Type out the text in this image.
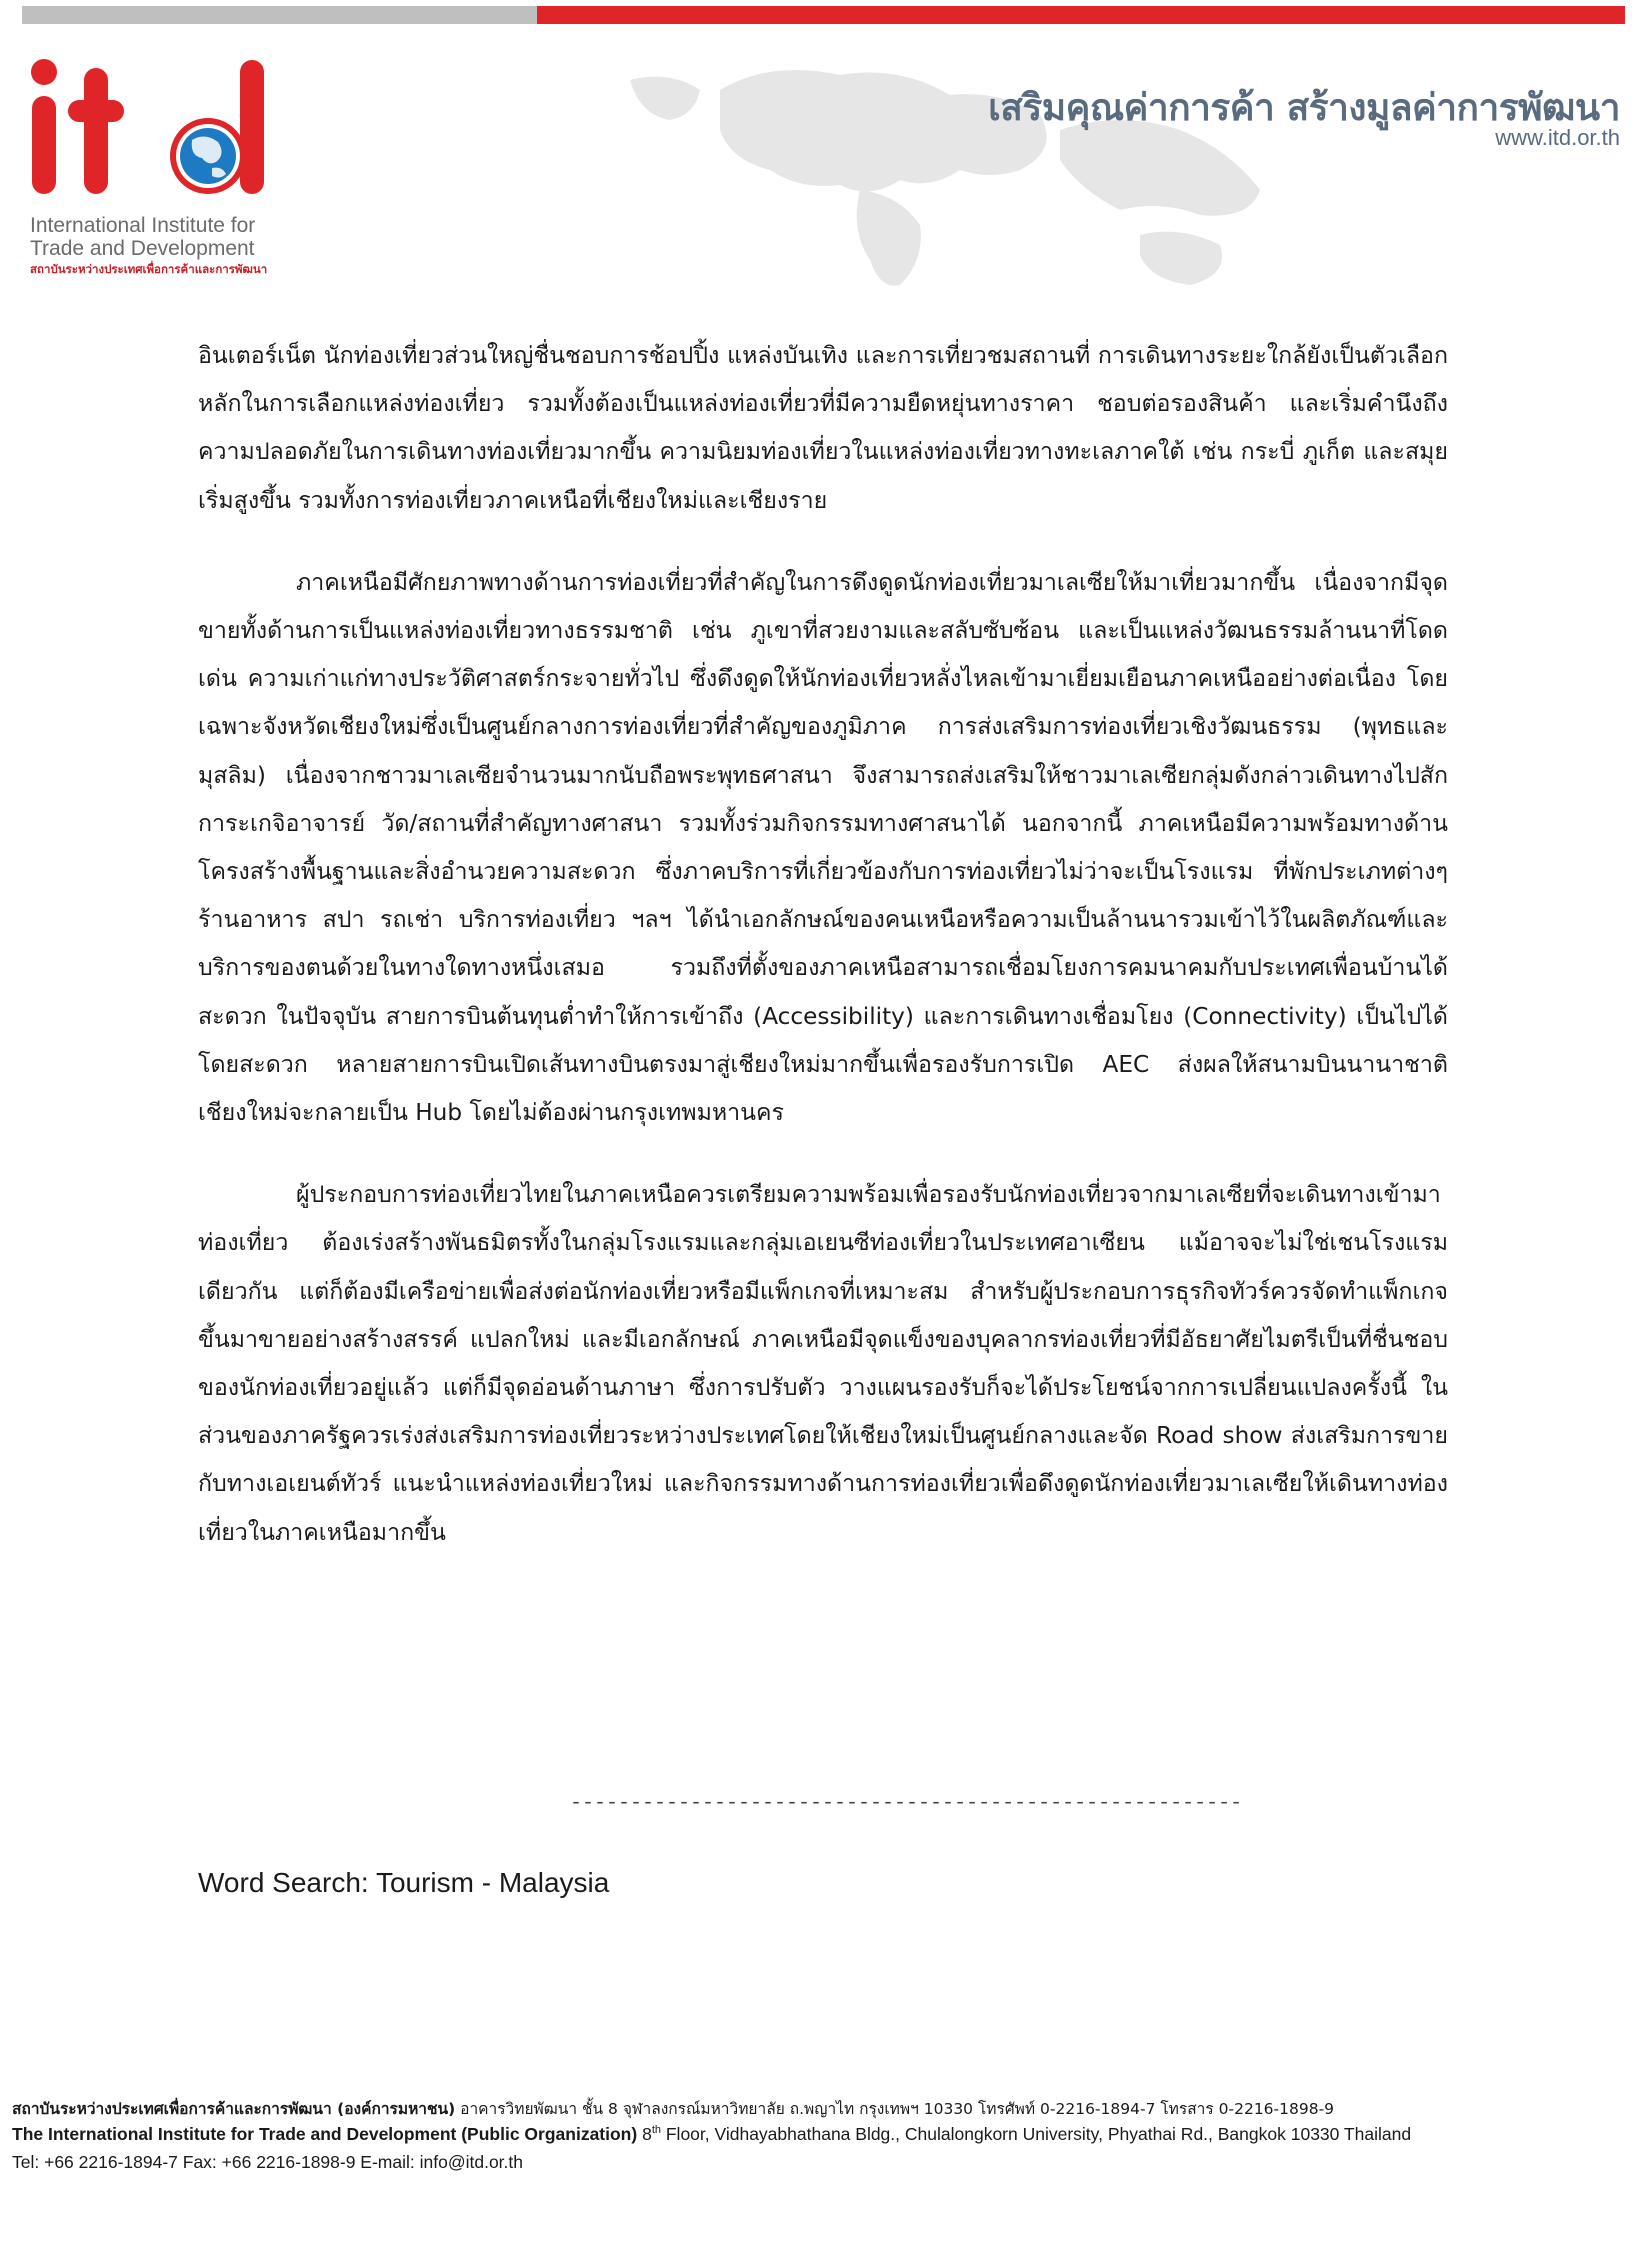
International Institute for
Trade and Development
สถาบันระหว่างประเทศเพื่อการค้าและการพัฒนา
เสริมคุณค่าการค้า สร้างมูลค่าการพัฒนา
www.itd.or.th

อินเตอร์เน็ต นักท่องเที่ยวส่วนใหญ่ชื่นชอบการช้อปปิ้ง แหล่งบันเทิง และการเที่ยวชมสถานที่ การเดินทางระยะใกล้ยังเป็นตัวเลือกหลักในการเลือกแหล่งท่องเที่ยว รวมทั้งต้องเป็นแหล่งท่องเที่ยวที่มีความยืดหยุ่นทางราคา ชอบต่อรองสินค้า และเริ่มคำนึงถึงความปลอดภัยในการเดินทางท่องเที่ยวมากขึ้น ความนิยมท่องเที่ยวในแหล่งท่องเที่ยวทางทะเลภาคใต้ เช่น กระบี่ ภูเก็ต และสมุย เริ่มสูงขึ้น รวมทั้งการท่องเที่ยวภาคเหนือที่เชียงใหม่และเชียงราย

ภาคเหนือมีศักยภาพทางด้านการท่องเที่ยวที่สำคัญในการดึงดูดนักท่องเที่ยวมาเลเซียให้มาเที่ยวมากขึ้น เนื่องจากมีจุดขายทั้งด้านการเป็นแหล่งท่องเที่ยวทางธรรมชาติ เช่น ภูเขาที่สวยงามและสลับซับซ้อน และเป็นแหล่งวัฒนธรรมล้านนาที่โดดเด่น ความเก่าแก่ทางประวัติศาสตร์กระจายทั่วไป ซึ่งดึงดูดให้นักท่องเที่ยวหลั่งไหลเข้ามาเยี่ยมเยือนภาคเหนืออย่างต่อเนื่อง โดยเฉพาะจังหวัดเชียงใหม่ซึ่งเป็นศูนย์กลางการท่องเที่ยวที่สำคัญของภูมิภาค การส่งเสริมการท่องเที่ยวเชิงวัฒนธรรม (พุทธและมุสลิม) เนื่องจากชาวมาเลเซียจำนวนมากนับถือพระพุทธศาสนา จึงสามารถส่งเสริมให้ชาวมาเลเซียกลุ่มดังกล่าวเดินทางไปสักการะเกจิอาจารย์ วัด/สถานที่สำคัญทางศาสนา รวมทั้งร่วมกิจกรรมทางศาสนาได้ นอกจากนี้ ภาคเหนือมีความพร้อมทางด้านโครงสร้างพื้นฐานและสิ่งอำนวยความสะดวก ซึ่งภาคบริการที่เกี่ยวข้องกับการท่องเที่ยวไม่ว่าจะเป็นโรงแรม ที่พักประเภทต่างๆ ร้านอาหาร สปา รถเช่า บริการท่องเที่ยว ฯลฯ ได้นำเอกลักษณ์ของคนเหนือหรือความเป็นล้านนารวมเข้าไว้ในผลิตภัณฑ์และบริการของตนด้วยในทางใดทางหนึ่งเสมอ รวมถึงที่ตั้งของภาคเหนือสามารถเชื่อมโยงการคมนาคมกับประเทศเพื่อนบ้านได้สะดวก ในปัจจุบัน สายการบินต้นทุนต่ำทำให้การเข้าถึง (Accessibility) และการเดินทางเชื่อมโยง (Connectivity) เป็นไปได้โดยสะดวก หลายสายการบินเปิดเส้นทางบินตรงมาสู่เชียงใหม่มากขึ้นเพื่อรองรับการเปิด AEC ส่งผลให้สนามบินนานาชาติเชียงใหม่จะกลายเป็น Hub โดยไม่ต้องผ่านกรุงเทพมหานคร

ผู้ประกอบการท่องเที่ยวไทยในภาคเหนือควรเตรียมความพร้อมเพื่อรองรับนักท่องเที่ยวจากมาเลเซียที่จะเดินทางเข้ามาท่องเที่ยว ต้องเร่งสร้างพันธมิตรทั้งในกลุ่มโรงแรมและกลุ่มเอเยนซีท่องเที่ยวในประเทศอาเซียน แม้อาจจะไม่ใช่เชนโรงแรมเดียวกัน แต่ก็ต้องมีเครือข่ายเพื่อส่งต่อนักท่องเที่ยวหรือมีแพ็กเกจที่เหมาะสม สำหรับผู้ประกอบการธุรกิจทัวร์ควรจัดทำแพ็กเกจขึ้นมาขายอย่างสร้างสรรค์ แปลกใหม่ และมีเอกลักษณ์ ภาคเหนือมีจุดแข็งของบุคลากรท่องเที่ยวที่มีอัธยาศัยไมตรีเป็นที่ชื่นชอบของนักท่องเที่ยวอยู่แล้ว แต่ก็มีจุดอ่อนด้านภาษา ซึ่งการปรับตัว วางแผนรองรับก็จะได้ประโยชน์จากการเปลี่ยนแปลงครั้งนี้ ในส่วนของภาครัฐควรเร่งส่งเสริมการท่องเที่ยวระหว่างประเทศโดยให้เชียงใหม่เป็นศูนย์กลางและจัด Road show ส่งเสริมการขายกับทางเอเยนต์ทัวร์ แนะนำแหล่งท่องเที่ยวใหม่ และกิจกรรมทางด้านการท่องเที่ยวเพื่อดึงดูดนักท่องเที่ยวมาเลเซียให้เดินทางท่องเที่ยวในภาคเหนือมากขึ้น

--------------------------------------------------------
Word Search: Tourism - Malaysia
สถาบันระหว่างประเทศเพื่อการค้าและการพัฒนา (องค์การมหาชน) อาคารวิทยพัฒนา ชั้น 8 จุฬาลงกรณ์มหาวิทยาลัย ถ.พญาไท กรุงเทพฯ 10330 โทรศัพท์ 0-2216-1894-7 โทรสาร 0-2216-1898-9
The International Institute for Trade and Development (Public Organization) 8th Floor, Vidhayabhathana Bldg., Chulalongkorn University, Phyathai Rd., Bangkok 10330 Thailand
Tel: +66 2216-1894-7 Fax: +66 2216-1898-9 E-mail: info@itd.or.th
